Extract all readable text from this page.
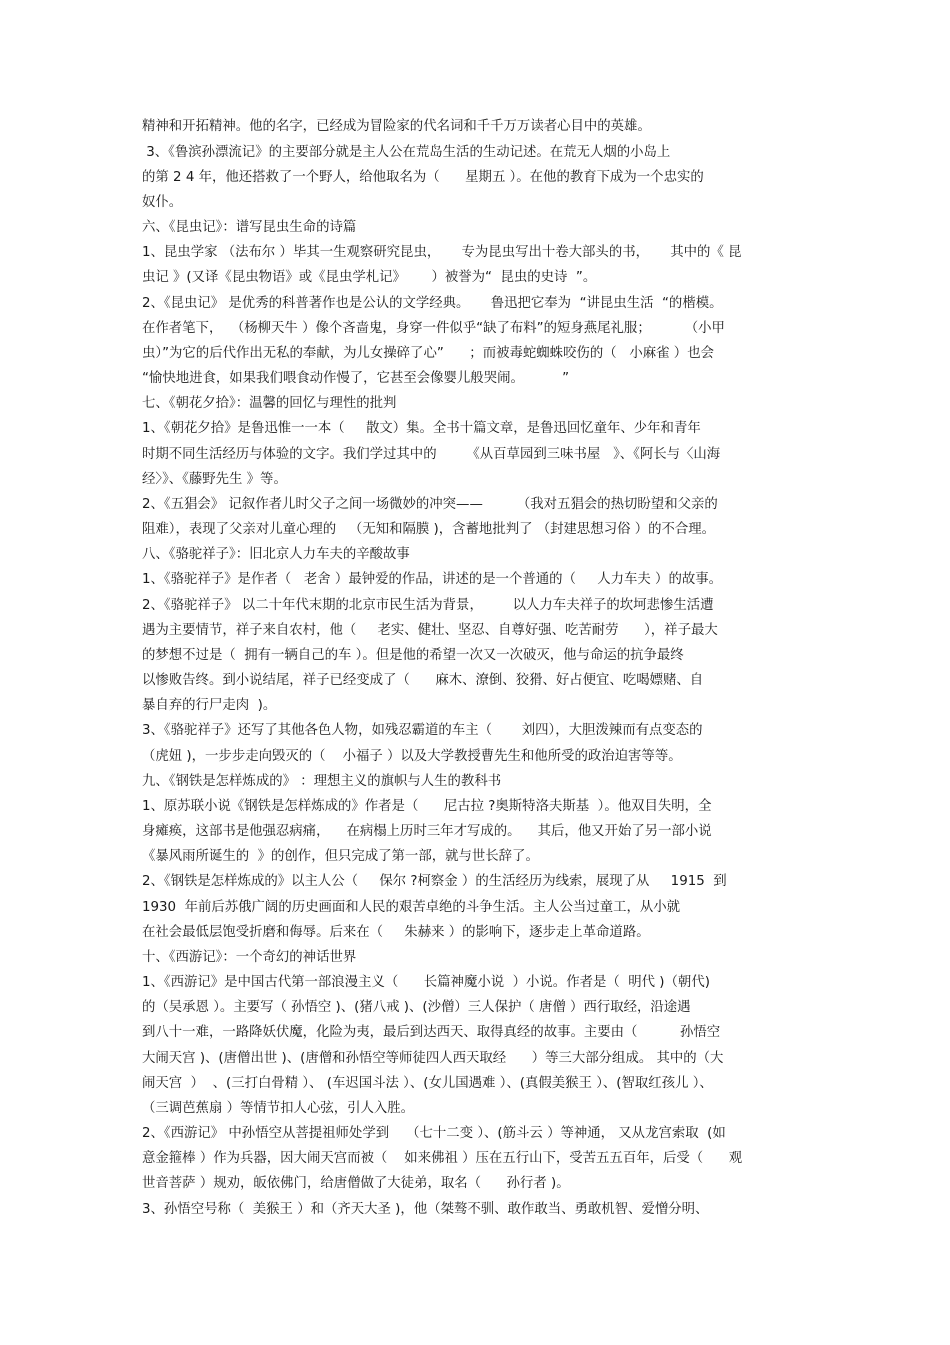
精神和开拓精神。他的名字，已经成为冒险家的代名词和千千万万读者心目中的英雄。
3、《鲁滨孙漂流记》的主要部分就是主人公在荒岛生活的生动记述。在荒无人烟的小岛上
的第 2 4 年，他还搭救了一个野人，给他取名为（      星期五 ）。在他的教育下成为一个忠实的
奴仆。
六、《昆虫记》：谱写昆虫生命的诗篇
1、昆虫学家 （法布尔 ）毕其一生观察研究昆虫，     专为昆虫写出十卷大部头的书，     其中的《 昆
虫记 》(又译《昆虫物语》或《昆虫学札记》      ）被誉为“  昆虫的史诗  ”。
2、《昆虫记》 是优秀的科普著作也是公认的文学经典。     鲁迅把它奉为  “讲昆虫生活  “的楷模。
在作者笔下，  （杨柳天牛 ）像个吝啬鬼，身穿一件似乎“缺了布料”的短身燕尾礼服；        （小甲
虫）”为它的后代作出无私的奉献，为儿女操碎了心”      ；而被毒蛇蜘蛛咬伤的（   小麻雀 ）也会
“愉快地进食，如果我们喂食动作慢了，它甚至会像婴儿般哭闹。         ”
七、《朝花夕拾》：温馨的回忆与理性的批判
1、《朝花夕拾》是鲁迅惟一一本（     散文）集。全书十篇文章，是鲁迅回忆童年、少年和青年
时期不同生活经历与体验的文字。我们学过其中的       《从百草园到三味书屋   》、《阿长与〈山海
经〉》、《藤野先生 》等。
2、《五猖会》 记叙作者儿时父子之间一场微妙的冲突——        （我对五猖会的热切盼望和父亲的
阻难），表现了父亲对儿童心理的   （无知和隔膜 )，含蓄地批判了 （封建思想习俗 ）的不合理。
八、《骆驼祥子》：旧北京人力车夫的辛酸故事
1、《骆驼祥子》是作者（   老舍 ）最钟爱的作品，讲述的是一个普通的（     人力车夫 ）的故事。
2、《骆驼祥子》 以二十年代末期的北京市民生活为背景，       以人力车夫祥子的坎坷悲惨生活遭
遇为主要情节，祥子来自农村，他（     老实、健壮、坚忍、自尊好强、吃苦耐劳      ），祥子最大
的梦想不过是（  拥有一辆自己的车 ）。但是他的希望一次又一次破灭，他与命运的抗争最终
以惨败告终。到小说结尾，祥子已经变成了（      麻木、潦倒、狡猾、好占便宜、吃喝嫖赌、自
暴自弃的行尸走肉  )。
3、《骆驼祥子》还写了其他各色人物，如残忍霸道的车主（       刘四），大胆泼辣而有点变态的
（虎妞 )，一步步走向毁灭的（    小福子 ）以及大学教授曹先生和他所受的政治迫害等等。
九、《钢铁是怎样炼成的》 ：理想主义的旗帜与人生的教科书
1、原苏联小说《钢铁是怎样炼成的》作者是（      尼古拉 ?奥斯特洛夫斯基  ）。他双目失明，全
身瘫痪，这部书是他强忍病痛，    在病榻上历时三年才写成的。    其后，他又开始了另一部小说
《暴风雨所诞生的  》的创作，但只完成了第一部，就与世长辞了。
2、《钢铁是怎样炼成的》以主人公（     保尔 ?柯察金 ）的生活经历为线索，展现了从     1915  到
1930  年前后苏俄广阔的历史画面和人民的艰苦卓绝的斗争生活。主人公当过童工，从小就
在社会最低层饱受折磨和侮辱。后来在（     朱赫来 ）的影响下，逐步走上革命道路。
十、《西游记》：一个奇幻的神话世界
1、《西游记》是中国古代第一部浪漫主义（      长篇神魔小说  ）小说。作者是（  明代 )（朝代)
的（吴承恩 ）。主要写（ 孙悟空 )、(猪八戒 )、(沙僧）三人保护（ 唐僧 ）西行取经，沿途遇
到八十一难，一路降妖伏魔，化险为夷，最后到达西天、取得真经的故事。主要由（          孙悟空
大闹天宫 )、(唐僧出世 )、(唐僧和孙悟空等师徒四人西天取经      ）等三大部分组成。 其中的（大
闹天宫  ）  、(三打白骨精 ）、 (车迟国斗法 ）、(女儿国遇难 ）、(真假美猴王 ）、(智取红孩儿 ）、
（三调芭蕉扇 ）等情节扣人心弦，引人入胜。
2、《西游记》 中孙悟空从菩提祖师处学到    （七十二变 ）、(筋斗云 ）等神通， 又从龙宫索取  (如
意金箍棒 ）作为兵器，因大闹天宫而被（    如来佛祖 ）压在五行山下，受苦五五百年，后受（      观
世音菩萨 ）规劝，皈依佛门，给唐僧做了大徒弟，取名（      孙行者 )。
3、孙悟空号称（  美猴王 ）和（齐天大圣 )，他（桀骜不驯、敢作敢当、勇敢机智、爱憎分明、
